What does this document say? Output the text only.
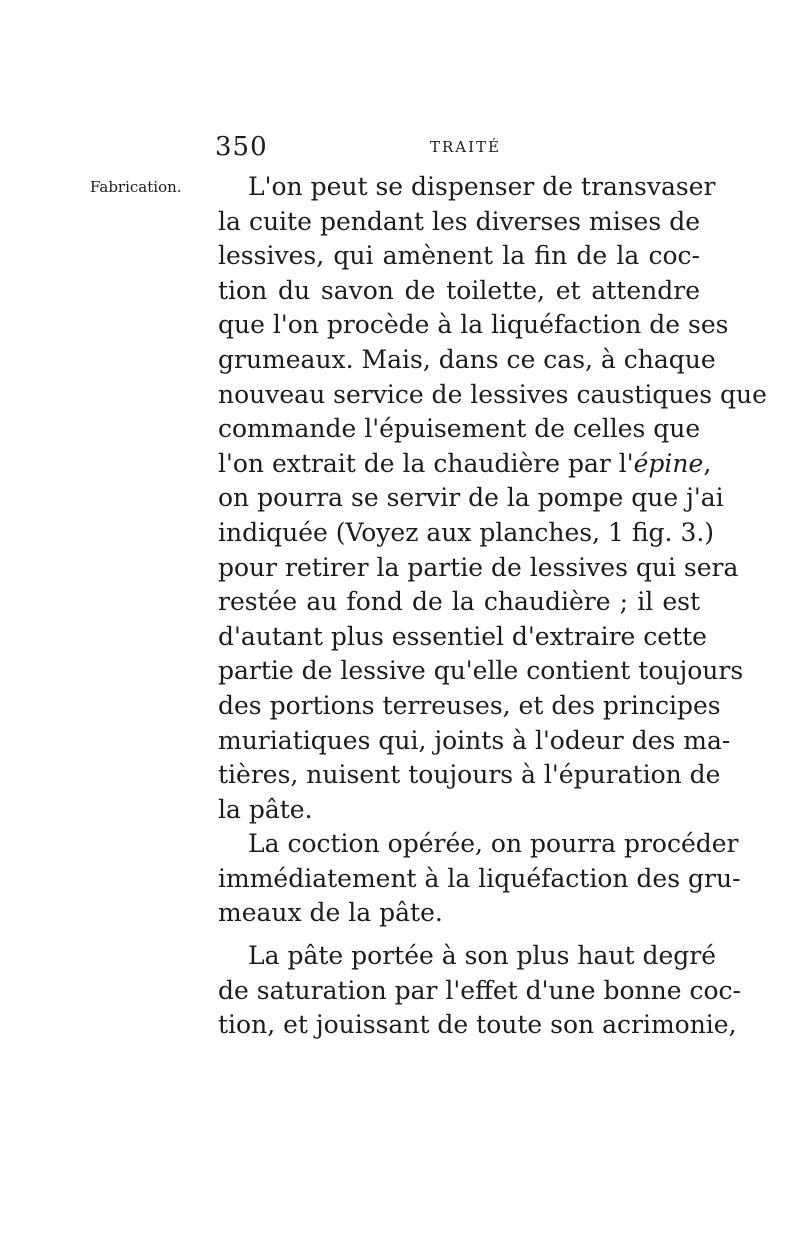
350	TRAITÉ
Fabrication.	L'on peut se dispenser de transvaser
la cuite pendant les diverses mises de
lessives, qui amènent la fin de la coc-
tion du savon de toilette, et attendre
que l'on procède à la liquéfaction de ses
grumeaux. Mais, dans ce cas, à chaque
nouveau service de lessives caustiques que
commande l'épuisement de celles que
l'on extrait de la chaudière par l'épine,
on pourra se servir de la pompe que j'ai
indiquée (Voyez aux planches, 1 fig. 3.)
pour retirer la partie de lessives qui sera
restée au fond de la chaudière ; il est
d'autant plus essentiel d'extraire cette
partie de lessive qu'elle contient toujours
des portions terreuses, et des principes
muriatiques qui, joints à l'odeur des ma-
tières, nuisent toujours à l'épuration de
la pâte.
La coction opérée, on pourra procéder
immédiatement à la liquéfaction des gru-
meaux de la pâte.
La pâte portée à son plus haut degré
de saturation par l'effet d'une bonne coc-
tion, et jouissant de toute son acrimonie,
